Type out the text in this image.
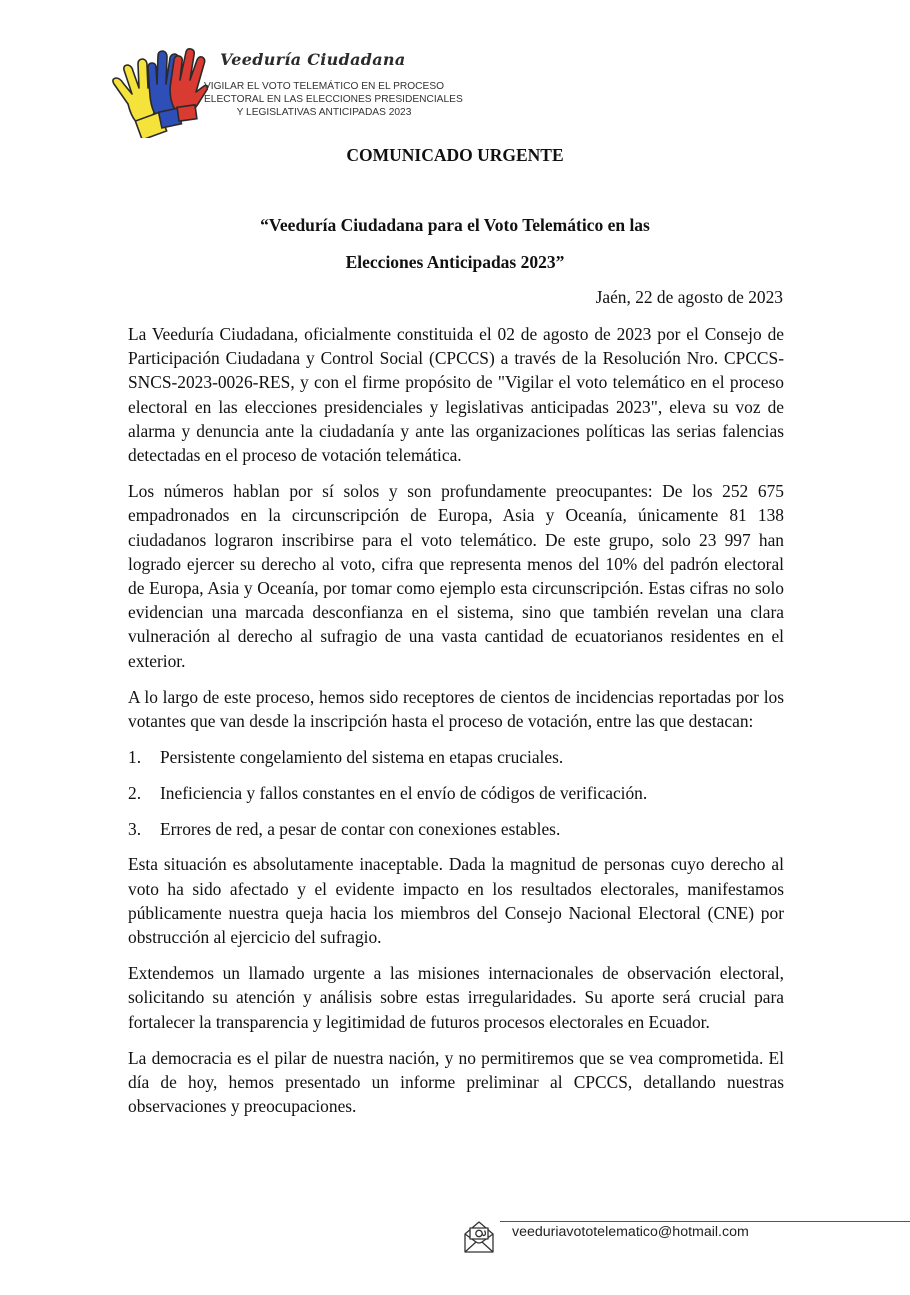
Veeduría Ciudadana
VIGILAR EL VOTO TELEMÁTICO EN EL PROCESO
ELECTORAL EN LAS ELECCIONES PRESIDENCIALES
Y LEGISLATIVAS ANTICIPADAS 2023
COMUNICADO URGENTE
“Veeduría Ciudadana para el Voto Telemático en las
Elecciones Anticipadas 2023”
Jaén, 22 de agosto de 2023

La Veeduría Ciudadana, oficialmente constituida el 02 de agosto de 2023 por el Consejo de Participación Ciudadana y Control Social (CPCCS) a través de la Resolución Nro. CPCCS-SNCS-2023-0026-RES, y con el firme propósito de "Vigilar el voto telemático en el proceso electoral en las elecciones presidenciales y legislativas anticipadas 2023", eleva su voz de alarma y denuncia ante la ciudadanía y ante las organizaciones políticas las serias falencias detectadas en el proceso de votación telemática.

Los números hablan por sí solos y son profundamente preocupantes: De los 252 675 empadronados en la circunscripción de Europa, Asia y Oceanía, únicamente 81 138 ciudadanos lograron inscribirse para el voto telemático. De este grupo, solo 23 997 han logrado ejercer su derecho al voto, cifra que representa menos del 10% del padrón electoral de Europa, Asia y Oceanía, por tomar como ejemplo esta circunscripción. Estas cifras no solo evidencian una marcada desconfianza en el sistema, sino que también revelan una clara vulneración al derecho al sufragio de una vasta cantidad de ecuatorianos residentes en el exterior.

A lo largo de este proceso, hemos sido receptores de cientos de incidencias reportadas por los votantes que van desde la inscripción hasta el proceso de votación, entre las que destacan:

1.	Persistente congelamiento del sistema en etapas cruciales.
2.	Ineficiencia y fallos constantes en el envío de códigos de verificación.
3.	Errores de red, a pesar de contar con conexiones estables.

Esta situación es absolutamente inaceptable. Dada la magnitud de personas cuyo derecho al voto ha sido afectado y el evidente impacto en los resultados electorales, manifestamos públicamente nuestra queja hacia los miembros del Consejo Nacional Electoral (CNE) por obstrucción al ejercicio del sufragio.

Extendemos un llamado urgente a las misiones internacionales de observación electoral, solicitando su atención y análisis sobre estas irregularidades. Su aporte será crucial para fortalecer la transparencia y legitimidad de futuros procesos electorales en Ecuador.

La democracia es el pilar de nuestra nación, y no permitiremos que se vea comprometida. El día de hoy, hemos presentado un informe preliminar al CPCCS, detallando nuestras observaciones y preocupaciones.

veeduriavototelematico@hotmail.com
